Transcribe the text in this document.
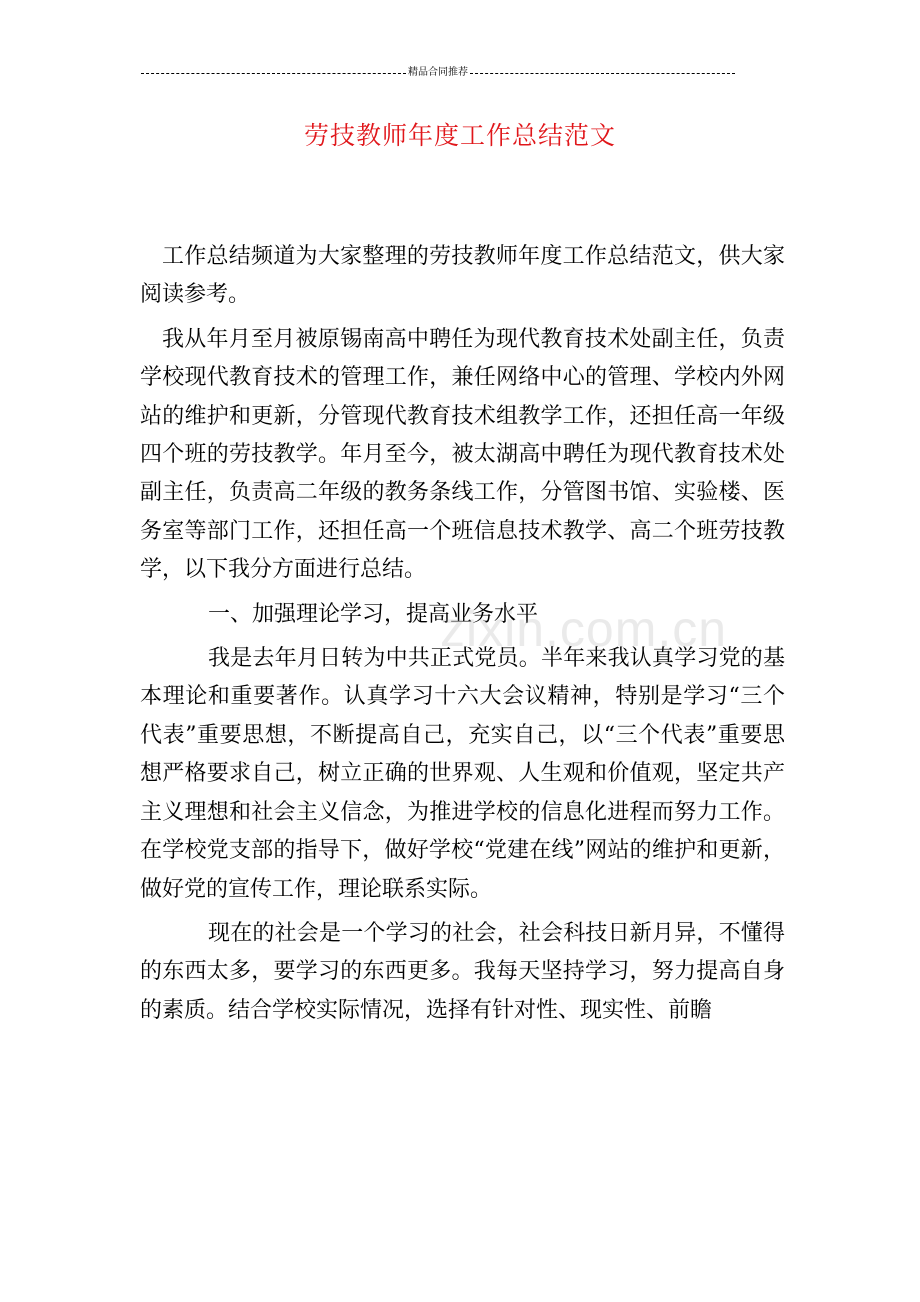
精品合同推荐
劳技教师年度工作总结范文

工作总结频道为大家整理的劳技教师年度工作总结范文，供大家阅读参考。

我从年月至月被原锡南高中聘任为现代教育技术处副主任，负责学校现代教育技术的管理工作，兼任网络中心的管理、学校内外网站的维护和更新，分管现代教育技术组教学工作，还担任高一年级四个班的劳技教学。年月至今，被太湖高中聘任为现代教育技术处副主任，负责高二年级的教务条线工作，分管图书馆、实验楼、医务室等部门工作，还担任高一个班信息技术教学、高二个班劳技教学，以下我分方面进行总结。

一、加强理论学习，提高业务水平

我是去年月日转为中共正式党员。半年来我认真学习党的基本理论和重要著作。认真学习十六大会议精神，特别是学习“三个代表”重要思想，不断提高自己，充实自己，以“三个代表”重要思想严格要求自己，树立正确的世界观、人生观和价值观，坚定共产主义理想和社会主义信念，为推进学校的信息化进程而努力工作。在学校党支部的指导下，做好学校“党建在线”网站的维护和更新，做好党的宣传工作，理论联系实际。

现在的社会是一个学习的社会，社会科技日新月异，不懂得的东西太多，要学习的东西更多。我每天坚持学习，努力提高自身的素质。结合学校实际情况，选择有针对性、现实性、前瞻

zixin.com.cn
